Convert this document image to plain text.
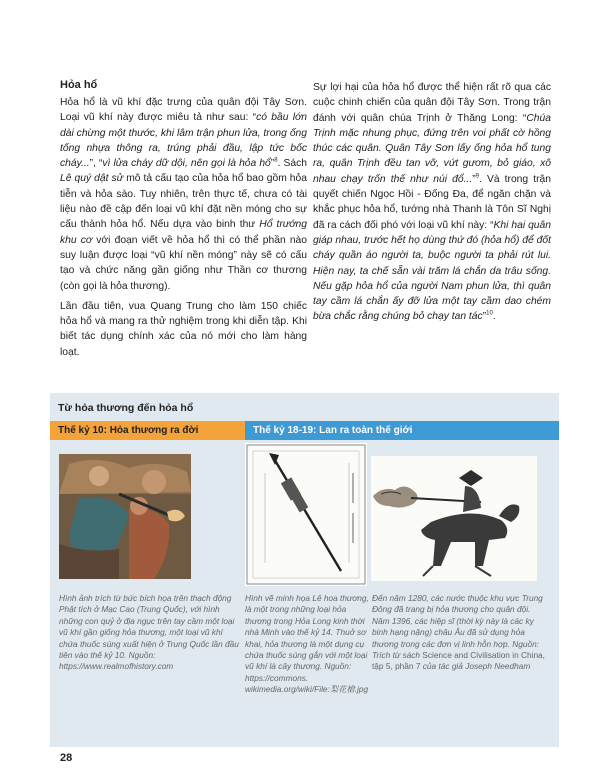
Hỏa hổ

Hỏa hổ là vũ khí đặc trưng của quân đội Tây Sơn. Loại vũ khí này được miêu tả như sau: “có bầu lớn dài chừng một thước, khi lâm trận phun lửa, trong ống tống nhựa thông ra, trúng phải đầu, lập tức bốc cháy...”, “vì lửa cháy dữ dội, nên gọi là hỏa hổ”$^8$. Sách Lê quý dật sử mô tả cấu tạo của hỏa hổ bao gồm hỏa tiễn và hỏa sào. Tuy nhiên, trên thực tế, chưa có tài liệu nào đề cập đến loại vũ khí đặt nền móng cho sự cấu thành hỏa hổ. Nếu dựa vào binh thư Hổ trướng khu cơ với đoạn viết về hỏa hổ thì có thể phần nào suy luận được loại “vũ khí nền móng” này sẽ có cấu tạo và chức năng gần giống như Thần cơ thương (còn gọi là hỏa thương).

Lần đầu tiên, vua Quang Trung cho làm 150 chiếc hỏa hổ và mang ra thử nghiệm trong khi diễn tập. Khi biết tác dụng chính xác của nó mới cho làm hàng loạt.

Sự lợi hại của hỏa hổ được thể hiện rất rõ qua các cuộc chinh chiến của quân đội Tây Sơn. Trong trận đánh với quân chúa Trịnh ở Thăng Long: “Chúa Trịnh mặc nhung phục, đứng trên voi phất cờ hồng thúc các quân. Quân Tây Sơn lấy ống hỏa hổ tung ra, quân Trịnh đều tan vỡ, vứt gươm, bỏ giáo, xô nhau chạy trốn thế như núi đổ...”$^9$. Và trong trận quyết chiến Ngọc Hồi - Đống Đa, để ngăn chặn và khắc phục hỏa hổ, tướng nhà Thanh là Tôn Sĩ Nghị đã ra cách đối phó với loại vũ khí này: “Khi hai quân giáp nhau, trước hết họ dùng thứ đó (hỏa hổ) để đốt cháy quần áo người ta, buộc người ta phải rút lui. Hiện nay, ta chế sẵn vài trăm lá chắn da trâu sống. Nếu gặp hỏa hổ của người Nam phun lửa, thì quân tay cầm lá chắn ấy đỡ lửa một tay cầm dao chém bừa chắc rằng chúng bỏ chạy tan tác”$^{10}$.

Từ hỏa thương đến hỏa hổ
Thế kỷ 10: Hỏa thương ra đời	Thế kỷ 18-19: Lan ra toàn thế giới
Hình ảnh trích từ bức bích họa trên thạch động Phật tích ở Mạc Cao (Trung Quốc), với hình những con quỷ ở địa ngục trên tay cầm một loại vũ khí gần giống hỏa thương, một loại vũ khí chứa thuốc súng xuất hiện ở Trung Quốc lần đầu tiên vào thế kỷ 10. Nguồn: https://www.realmofhistory.com
Hình vẽ minh họa Lê hoa thương, là một trong những loại hỏa thương trong Hỏa Long kinh thời nhà Minh vào thế kỷ 14. Thuở sơ khai, hỏa thương là một dụng cụ chứa thuốc súng gắn với một loại vũ khí là cây thương. Nguồn: https://commons. wikimedia.org/wiki/File:梨花槍.jpg
Đến năm 1280, các nước thuộc khu vực Trung Đông đã trang bị hỏa thương cho quân đội. Năm 1396, các hiệp sĩ (thời kỳ này là các kỵ binh hạng nặng) châu Âu đã sử dụng hỏa thương trong các đơn vị linh hỗn hợp. Nguồn: Trích từ sách Science and Civilisation in China, tập 5, phần 7 của tác giả Joseph Needham
28
